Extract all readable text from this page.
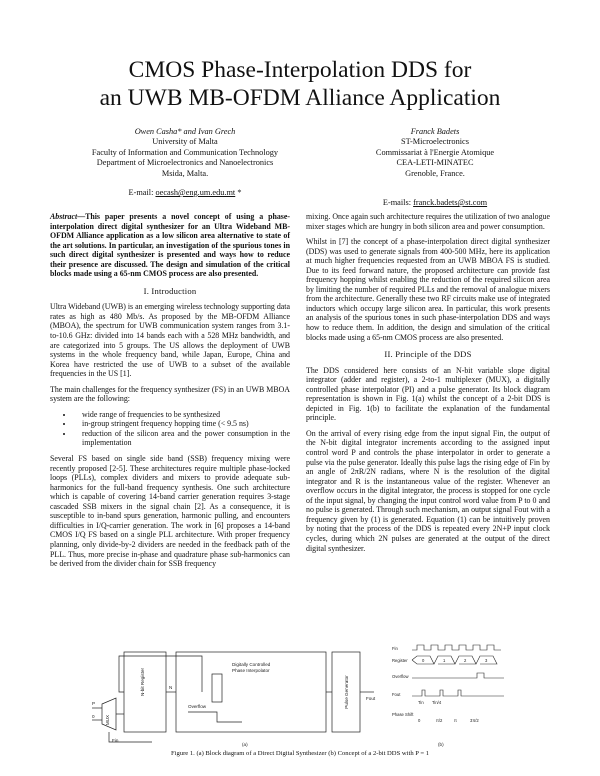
CMOS Phase-Interpolation DDS for
an UWB MB-OFDM Alliance Application
Owen Casha* and Ivan Grech
University of Malta
Faculty of Information and Communication Technology
Department of Microelectronics and Nanoelectronics
Msida, Malta.
E-mail: oecash@eng.um.edu.mt *
Franck Badets
ST-Microelectronics
Commissariat à l'Energie Atomique
CEA-LETI-MINATEC
Grenoble, France.
E-mails: franck.badets@st.com

Abstract—This paper presents a novel concept of using a phase-interpolation direct digital synthesizer for an Ultra Wideband MB-OFDM Alliance application as a low silicon area alternative to state of the art solutions. In particular, an investigation of the spurious tones in such direct digital synthesizer is presented and ways how to reduce their presence are discussed. The design and simulation of the critical blocks made using a 65-nm CMOS process are also presented.

I. Introduction

Ultra Wideband (UWB) is an emerging wireless technology supporting data rates as high as 480 Mb/s. As proposed by the MB-OFDM Alliance (MBOA), the spectrum for UWB communication system ranges from 3.1-to-10.6 GHz: divided into 14 bands each with a 528 MHz bandwidth, and are categorized into 5 groups. The US allows the deployment of UWB systems in the whole frequency band, while Japan, Europe, China and Korea have restricted the use of UWB to a subset of the available frequencies in the US [1].

The main challenges for the frequency synthesizer (FS) in an UWB MBOA system are the following:

• wide range of frequencies to be synthesized
• in-group stringent frequency hopping time (< 9.5 ns)
• reduction of the silicon area and the power consumption in the implementation

Several FS based on single side band (SSB) frequency mixing were recently proposed [2-5]. These architectures require multiple phase-locked loops (PLLs), complex dividers and mixers to provide adequate sub-harmonics for the full-band frequency synthesis. One such architecture which is capable of covering 14-band carrier generation requires 3-stage cascaded SSB mixers in the signal chain [2]. As a consequence, it is susceptible to in-band spurs generation, harmonic pulling, and encounters difficulties in I/Q-carrier generation. The work in [6] proposes a 14-band CMOS I/Q FS based on a single PLL architecture. With proper frequency planning, only divide-by-2 dividers are needed in the feedback path of the PLL. Thus, more precise in-phase and quadrature phase sub-harmonics can be derived from the divider chain for SSB frequency

mixing. Once again such architecture requires the utilization of two analogue mixer stages which are hungry in both silicon area and power consumption.

Whilst in [7] the concept of a phase-interpolation direct digital synthesizer (DDS) was used to generate signals from 400-500 MHz, here its application at much higher frequencies requested from an UWB MBOA FS is studied. Due to its feed forward nature, the proposed architecture can provide fast frequency hopping whilst enabling the reduction of the required silicon area by limiting the number of required PLLs and the removal of analogue mixers from the architecture. Generally these two RF circuits make use of integrated inductors which occupy large silicon area. In particular, this work presents an analysis of the spurious tones in such phase-interpolation DDS and ways how to reduce them. In addition, the design and simulation of the critical blocks made using a 65-nm CMOS process are also presented.

II. Principle of the DDS

The DDS considered here consists of an N-bit variable slope digital integrator (adder and register), a 2-to-1 multiplexer (MUX), a digitally controlled phase interpolator (PI) and a pulse generator. Its block diagram representation is shown in Fig. 1(a) whilst the concept of a 2-bit DDS is depicted in Fig. 1(b) to facilitate the explanation of the fundamental principle.

On the arrival of every rising edge from the input signal Fin, the output of the N-bit digital integrator increments according to the assigned input control word P and controls the phase interpolator in order to generate a pulse via the pulse generator. Ideally this pulse lags the rising edge of Fin by an angle of 2πR/2N radians, where N is the resolution of the digital integrator and R is the instantaneous value of the register. Whenever an overflow occurs in the digital integrator, the process is stopped for one cycle of the input signal, by changing the input control word value from P to 0 and no pulse is generated. Through such mechanism, an output signal Fout with a frequency given by (1) is generated. Equation (1) can be intuitively proven by noting that the process of the DDS is repeated every 2N+P input clock cycles, during which 2N pulses are generated at the output of the direct digital synthesizer.

N-bit Register
MUX
Digitally Controlled
Phase Interpolator
Pulse Generator
Overflow
P
0
Fin
Fout
N
(a)	(b)
Fin
Register
Overflow
Fout
Phase Shift
0	1	2	3
Tin Tin/4
0	π/2	π	3π/2
Figure 1. (a) Block diagram of a Direct Digital Synthesizer (b) Concept of a 2-bit DDS with P = 1
